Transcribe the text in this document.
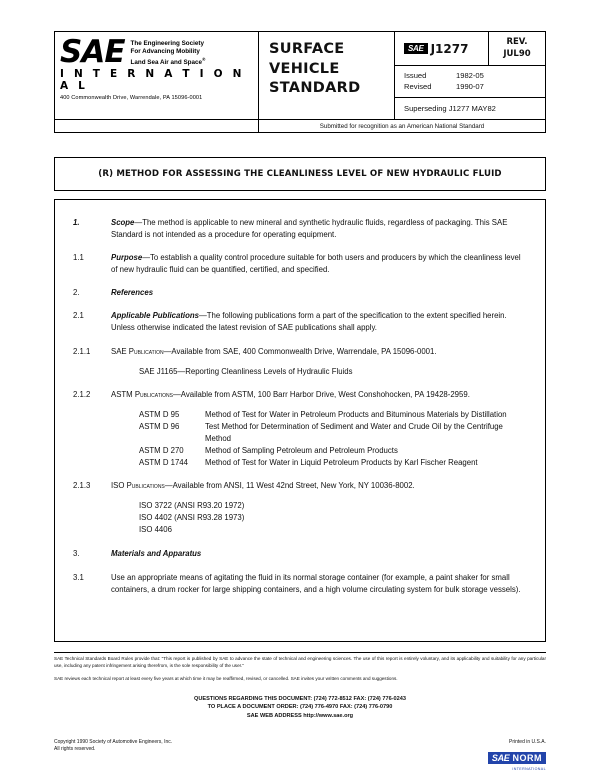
SAE The Engineering Society
For Advancing Mobility
Land Sea Air and Space®
I N T E R N A T I O N A L
400 Commonwealth Drive, Warrendale, PA 15096-0001
SURFACE
VEHICLE
STANDARD
SAE J1277	REV.
JUL90
Issued	1982-05
Revised	1990-07
Superseding J1277 MAY82
Submitted for recognition as an American National Standard
(R) METHOD FOR ASSESSING THE CLEANLINESS LEVEL OF NEW HYDRAULIC FLUID
1.	Scope—The method is applicable to new mineral and synthetic hydraulic fluids, regardless of packaging. This SAE Standard is not intended as a procedure for operating equipment.
1.1	Purpose—To establish a quality control procedure suitable for both users and producers by which the cleanliness level of new hydraulic fluid can be quantified, certified, and specified.
2.	References
2.1	Applicable Publications—The following publications form a part of the specification to the extent specified herein. Unless otherwise indicated the latest revision of SAE publications shall apply.
2.1.1	SAE Publication—Available from SAE, 400 Commonwealth Drive, Warrendale, PA 15096-0001.
SAE J1165—Reporting Cleanliness Levels of Hydraulic Fluids
2.1.2	ASTM Publications—Available from ASTM, 100 Barr Harbor Drive, West Conshohocken, PA 19428-2959.
ASTM D 95	Method of Test for Water in Petroleum Products and Bituminous Materials by Distillation
ASTM D 96	Test Method for Determination of Sediment and Water and Crude Oil by the Centrifuge Method
ASTM D 270	Method of Sampling Petroleum and Petroleum Products
ASTM D 1744	Method of Test for Water in Liquid Petroleum Products by Karl Fischer Reagent
2.1.3	ISO Publications—Available from ANSI, 11 West 42nd Street, New York, NY 10036-8002.
ISO 3722 (ANSI R93.20 1972)
ISO 4402 (ANSI R93.28 1973)
ISO 4406
3.	Materials and Apparatus
3.1	Use an appropriate means of agitating the fluid in its normal storage container (for example, a paint shaker for small containers, a drum rocker for large shipping containers, and a high volume circulating system for bulk storage vessels).
SAE Technical Standards Board Rules provide that: "This report is published by SAE to advance the state of technical and engineering sciences. The use of this report is entirely voluntary, and its applicability and suitability for any particular use, including any patent infringement arising therefrom, is the sole responsibility of the user."
SAE reviews each technical report at least every five years at which time it may be reaffirmed, revised, or cancelled. SAE invites your written comments and suggestions.
QUESTIONS REGARDING THIS DOCUMENT: (724) 772-8512 FAX: (724) 776-0243
TO PLACE A DOCUMENT ORDER: (724) 776-4970 FAX: (724) 776-0790
SAE WEB ADDRESS http://www.sae.org
Copyright 1990 Society of Automotive Engineers, Inc.
All rights reserved.
Printed in U.S.A.
SAE NORM
INTERNATIONAL
